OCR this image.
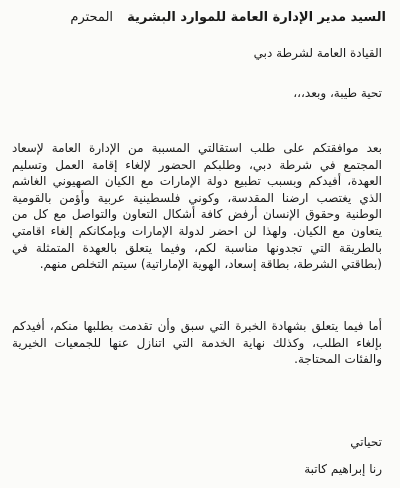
السيد مدير الإدارة العامة للموارد البشرية المحترم
القيادة العامة لشرطة دبي
تحية طيبة، وبعد،،،
بعد موافقتكم على طلب استقالتي المسببة من الإدارة العامة لإسعاد المجتمع في شرطة دبي، وطلبكم الحضور لإلغاء إقامة العمل وتسليم العهدة، أفيدكم وبسبب تطبيع دولة الإمارات مع الكيان الصهيوني الغاشم الذي يغتصب ارضنا المقدسة، وكوني فلسطينية عربية وأؤمن بالقومية الوطنية وحقوق الإنسان أرفض كافة أشكال التعاون والتواصل مع كل من يتعاون مع الكيان. ولهذا لن احضر لدولة الإمارات وبإمكانكم إلغاء اقامتي بالطريقة التي تجدونها مناسبة لكم، وفيما يتعلق بالعهدة المتمثلة في (بطاقتي الشرطة، بطاقة إسعاد، الهوية الإماراتية) سيتم التخلص منهم.
أما فيما يتعلق بشهادة الخبرة التي سبق وأن تقدمت بطلبها منكم، أفيدكم بإلغاء الطلب، وكذلك نهاية الخدمة التي اتنازل عنها للجمعيات الخيرية والفئات المحتاجة.
تحياتي
رنا إبراهيم كاتبة
